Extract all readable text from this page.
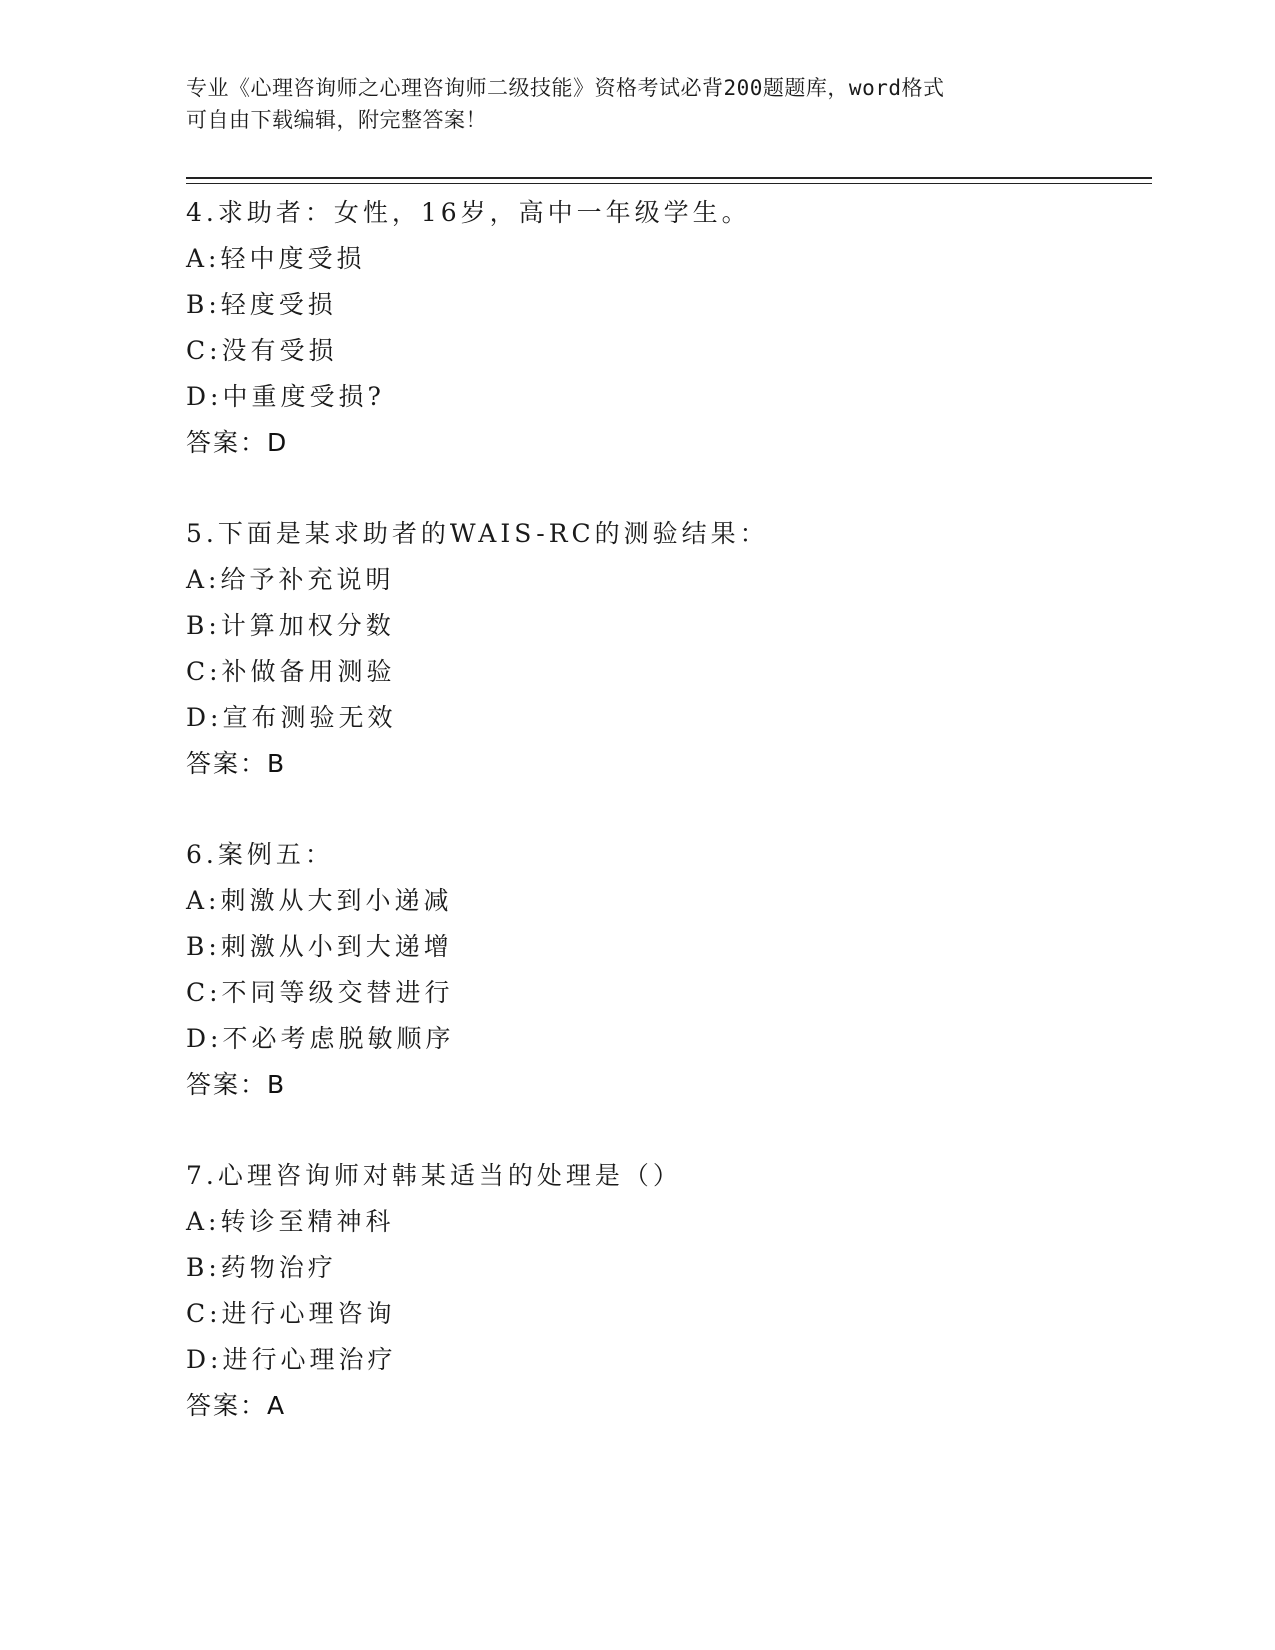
专业《心理咨询师之心理咨询师二级技能》资格考试必背200题题库，word格式
可自由下载编辑，附完整答案！
4.求助者：女性，16岁，高中一年级学生。
A:轻中度受损
B:轻度受损
C:没有受损
D:中重度受损?
答案：D
5.下面是某求助者的WAIS-RC的测验结果：
A:给予补充说明
B:计算加权分数
C:补做备用测验
D:宣布测验无效
答案：B
6.案例五：
A:刺激从大到小递减
B:刺激从小到大递增
C:不同等级交替进行
D:不必考虑脱敏顺序
答案：B
7.心理咨询师对韩某适当的处理是（）
A:转诊至精神科
B:药物治疗
C:进行心理咨询
D:进行心理治疗
答案：A
